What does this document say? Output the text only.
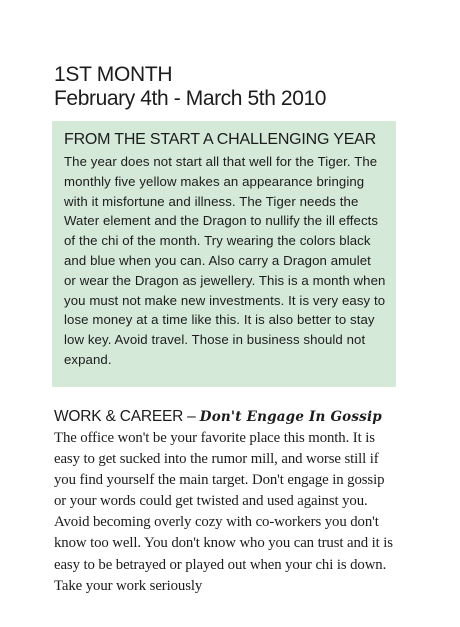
1ST MONTH
February 4th - March 5th 2010
FROM THE START A CHALLENGING YEAR

The year does not start all that well for the Tiger. The monthly five yellow makes an appearance bringing with it misfortune and illness. The Tiger needs the Water element and the Dragon to nullify the ill effects of the chi of the month. Try wearing the colors black and blue when you can. Also carry a Dragon amulet or wear the Dragon as jewellery. This is a month when you must not make new investments. It is very easy to lose money at a time like this. It is also better to stay low key. Avoid travel. Those in business should not expand.

WORK & CAREER – Don't Engage In Gossip

The office won't be your favorite place this month. It is easy to get sucked into the rumor mill, and worse still if you find yourself the main target. Don't engage in gossip or your words could get twisted and used against you. Avoid becoming overly cozy with co-workers you don't know too well. You don't know who you can trust and it is easy to be betrayed or played out when your chi is down. Take your work seriously
